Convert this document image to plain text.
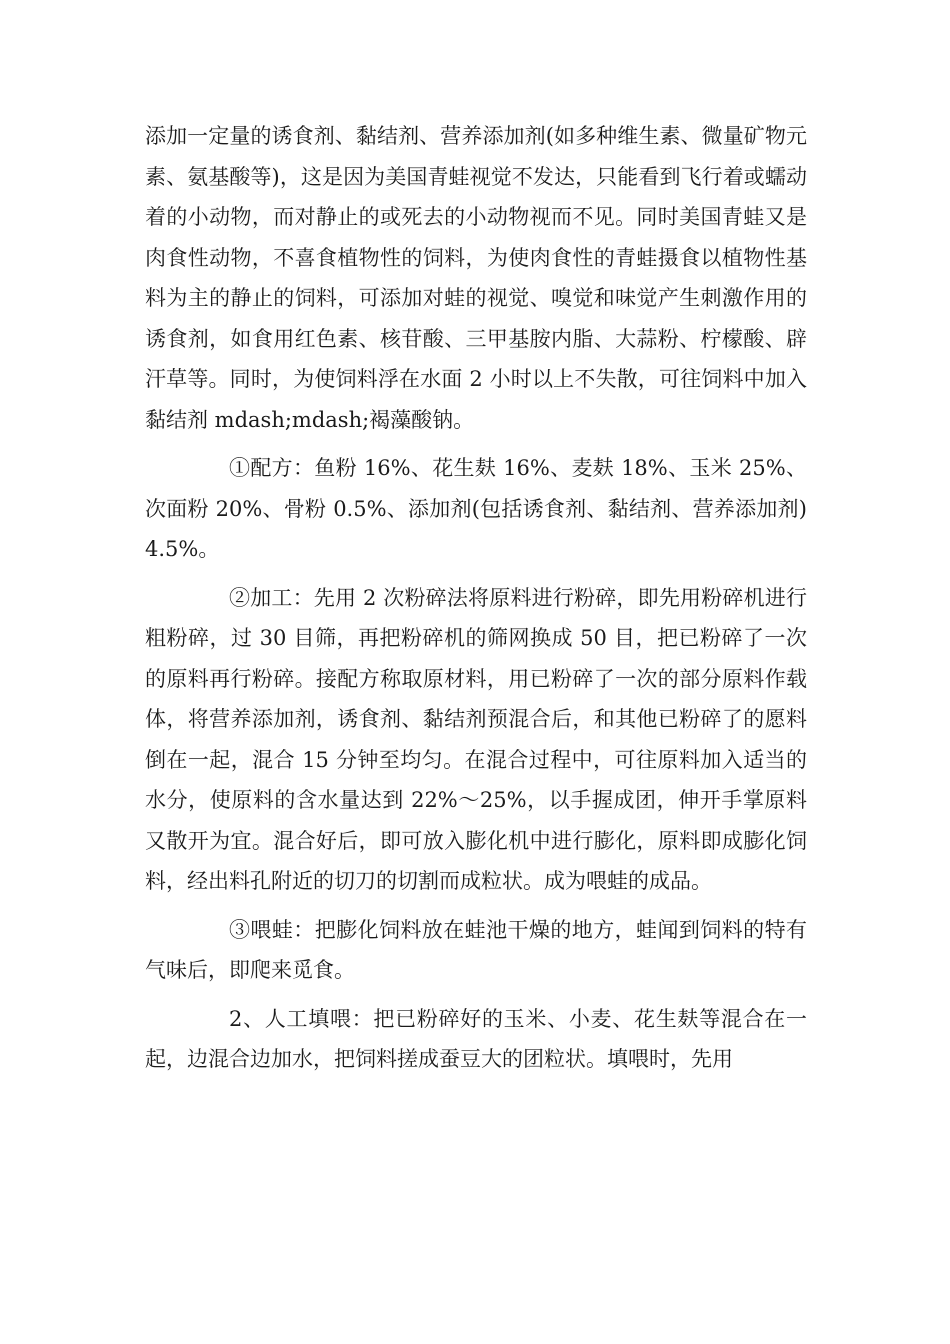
添加一定量的诱食剂、黏结剂、营养添加剂(如多种维生素、微量矿物元素、氨基酸等)，这是因为美国青蛙视觉不发达，只能看到飞行着或蠕动着的小动物，而对静止的或死去的小动物视而不见。同时美国青蛙又是肉食性动物，不喜食植物性的饲料，为使肉食性的青蛙摄食以植物性基料为主的静止的饲料，可添加对蛙的视觉、嗅觉和味觉产生刺激作用的诱食剂，如食用红色素、核苷酸、三甲基胺内脂、大蒜粉、柠檬酸、辟汗草等。同时，为使饲料浮在水面 2 小时以上不失散，可往饲料中加入黏结剂 mdash;mdash;褐藻酸钠。

①配方：鱼粉 16%、花生麸 16%、麦麸 18%、玉米 25%、次面粉 20%、骨粉 0.5%、添加剂(包括诱食剂、黏结剂、营养添加剂)4.5%。

②加工：先用 2 次粉碎法将原料进行粉碎，即先用粉碎机进行粗粉碎，过 30 目筛，再把粉碎机的筛网换成 50 目，把已粉碎了一次的原料再行粉碎。接配方称取原材料，用已粉碎了一次的部分原料作载体，将营养添加剂，诱食剂、黏结剂预混合后，和其他已粉碎了的愿料倒在一起，混合 15 分钟至均匀。在混合过程中，可往原料加入适当的水分，使原料的含水量达到 22%～25%，以手握成团，伸开手掌原料又散开为宜。混合好后，即可放入膨化机中进行膨化，原料即成膨化饲料，经出料孔附近的切刀的切割而成粒状。成为喂蛙的成品。

③喂蛙：把膨化饲料放在蛙池干燥的地方，蛙闻到饲料的特有气味后，即爬来觅食。

2、人工填喂：把已粉碎好的玉米、小麦、花生麸等混合在一起，边混合边加水，把饲料搓成蚕豆大的团粒状。填喂时，先用
